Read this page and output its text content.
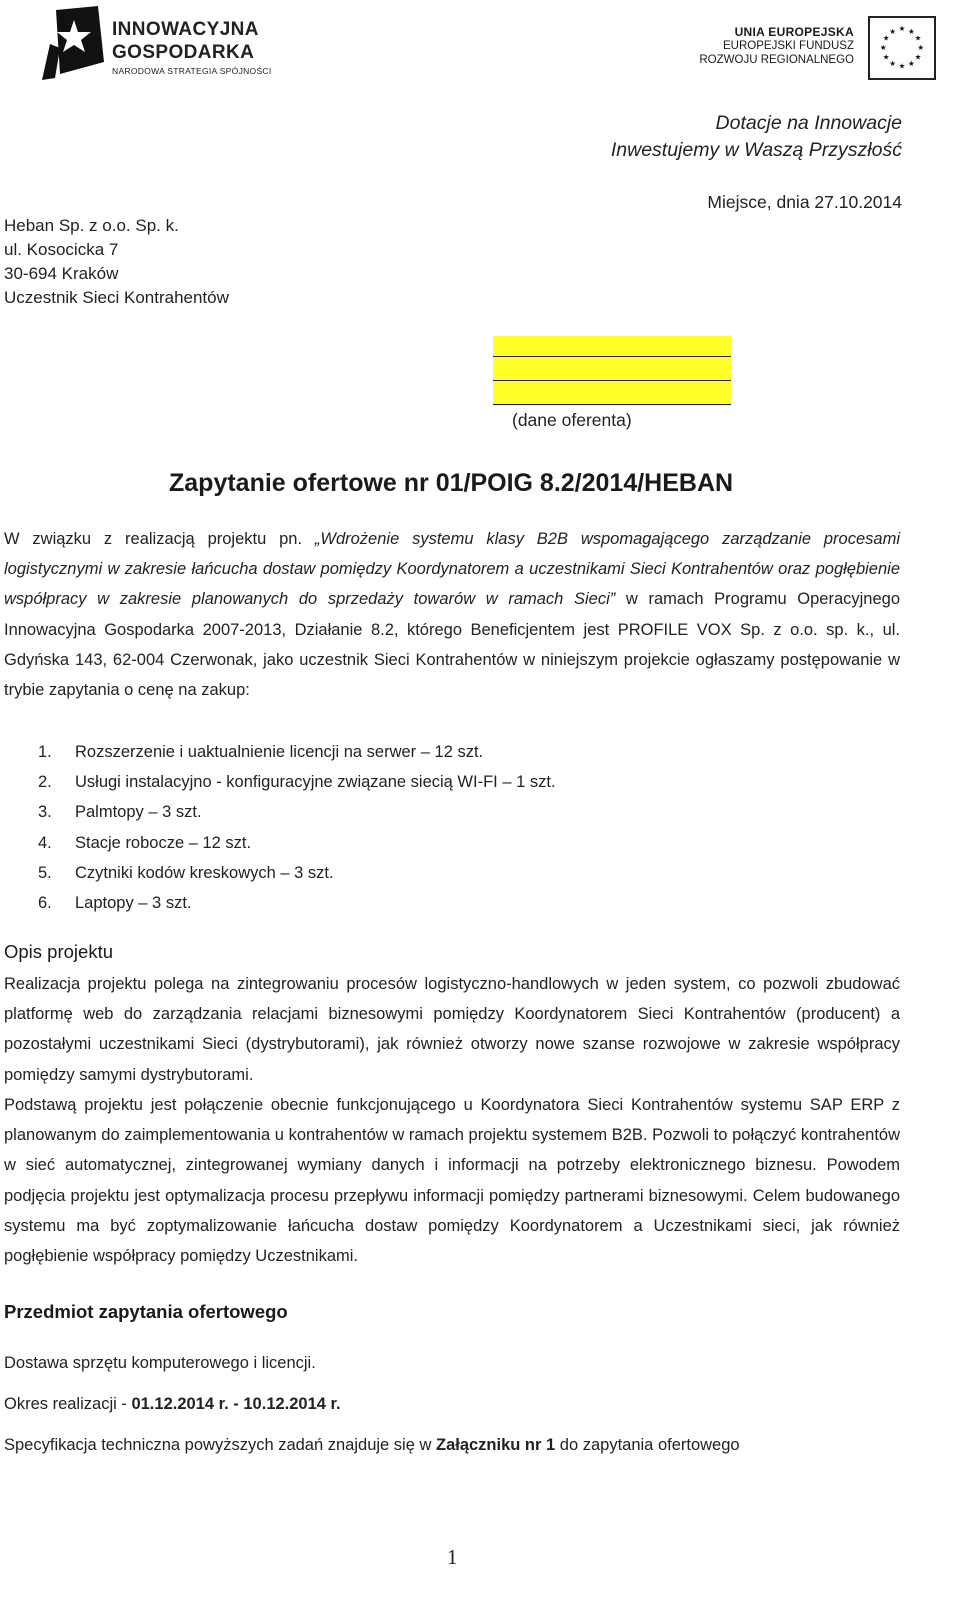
INNOWACYJNA
GOSPODARKA
NARODOWA STRATEGIA SPÓJNOŚCI
UNIA EUROPEJSKA
EUROPEJSKI FUNDUSZ
ROZWOJU REGIONALNEGO
★ ★
★
★
★
★
★
★
★
★
★
★
Dotacje na Innowacje
Inwestujemy w Waszą Przyszłość
Miejsce, dnia 27.10.2014
Heban Sp. z o.o. Sp. k.
ul. Kosocicka 7
30-694 Kraków
Uczestnik Sieci Kontrahentów
(dane oferenta)
Zapytanie ofertowe nr 01/POIG 8.2/2014/HEBAN
W związku z realizacją projektu pn. „Wdrożenie systemu klasy B2B wspomagającego zarządzanie procesami logistycznymi w zakresie łańcucha dostaw pomiędzy Koordynatorem a uczestnikami Sieci Kontrahentów oraz pogłębienie współpracy w zakresie planowanych do sprzedaży towarów w ramach Sieci” w ramach Programu Operacyjnego Innowacyjna Gospodarka 2007-2013, Działanie 8.2, którego Beneficjentem jest PROFILE VOX Sp. z o.o. sp. k., ul. Gdyńska 143, 62-004 Czerwonak, jako uczestnik Sieci Kontrahentów w niniejszym projekcie ogłaszamy postępowanie w trybie zapytania o cenę na zakup:
1. Rozszerzenie i uaktualnienie licencji na serwer – 12 szt.
2. Usługi instalacyjno - konfiguracyjne związane siecią WI-FI – 1 szt.
3. Palmtopy – 3 szt.
4. Stacje robocze – 12 szt.
5. Czytniki kodów kreskowych – 3 szt.
6. Laptopy – 3 szt.
Opis projektu
Realizacja projektu polega na zintegrowaniu procesów logistyczno-handlowych w jeden system, co pozwoli zbudować platformę web do zarządzania relacjami biznesowymi pomiędzy Koordynatorem Sieci Kontrahentów (producent) a pozostałymi uczestnikami Sieci (dystrybutorami), jak również otworzy nowe szanse rozwojowe w zakresie współpracy pomiędzy samymi dystrybutorami.
Podstawą projektu jest połączenie obecnie funkcjonującego u Koordynatora Sieci Kontrahentów systemu SAP ERP z planowanym do zaimplementowania u kontrahentów w ramach projektu systemem B2B. Pozwoli to połączyć kontrahentów w sieć automatycznej, zintegrowanej wymiany danych i informacji na potrzeby elektronicznego biznesu. Powodem podjęcia projektu jest optymalizacja procesu przepływu informacji pomiędzy partnerami biznesowymi. Celem budowanego systemu ma być zoptymalizowanie łańcucha dostaw pomiędzy Koordynatorem a Uczestnikami sieci, jak również pogłębienie współpracy pomiędzy Uczestnikami.
Przedmiot zapytania ofertowego
Dostawa sprzętu komputerowego i licencji.
Okres realizacji - 01.12.2014 r. - 10.12.2014 r.
Specyfikacja techniczna powyższych zadań znajduje się w Załączniku nr 1 do zapytania ofertowego
1
